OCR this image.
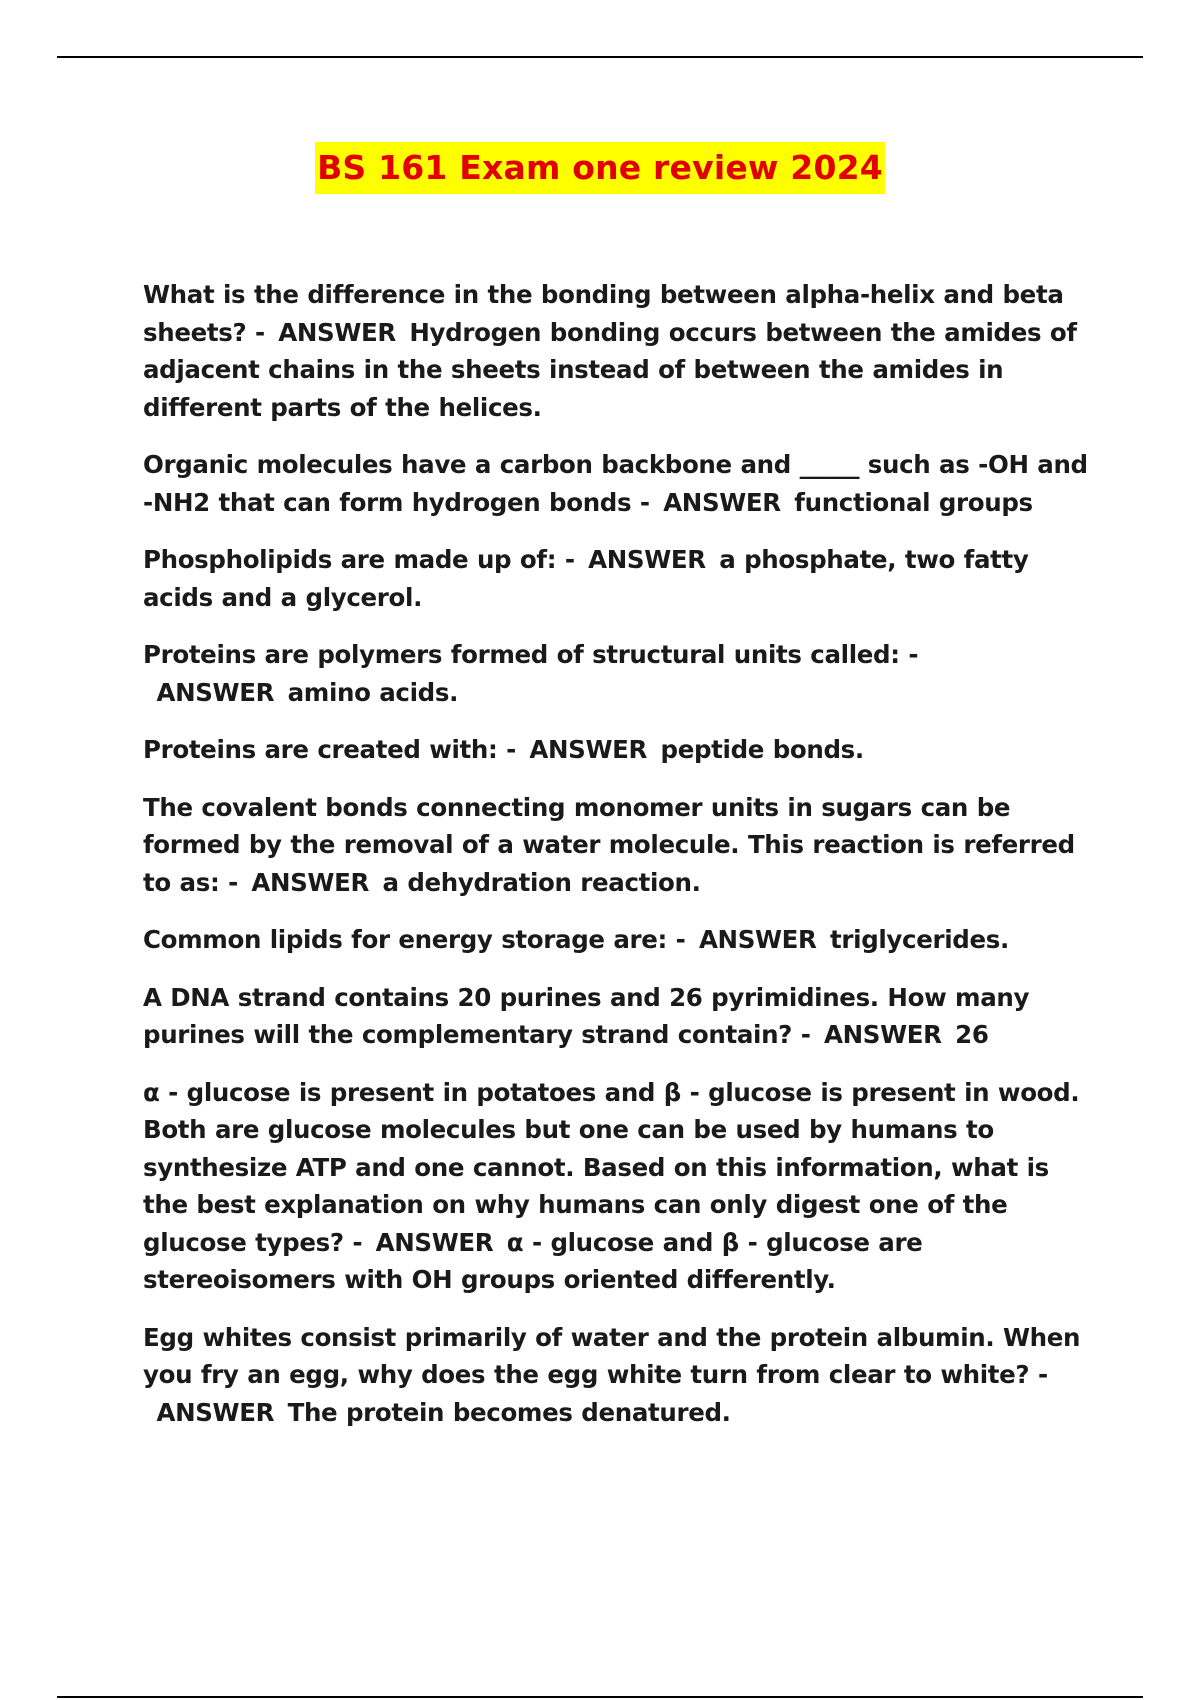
BS 161 Exam one review 2024
What is the difference in the bonding between alpha-helix and beta sheets? - ANSWER Hydrogen bonding occurs between the amides of adjacent chains in the sheets instead of between the amides in different parts of the helices.
Organic molecules have a carbon backbone and _____ such as -OH and -NH2 that can form hydrogen bonds - ANSWER functional groups
Phospholipids are made up of: - ANSWER a phosphate, two fatty acids and a glycerol.
Proteins are polymers formed of structural units called: -ANSWER amino acids.
Proteins are created with: - ANSWER peptide bonds.
The covalent bonds connecting monomer units in sugars can be formed by the removal of a water molecule. This reaction is referred to as: - ANSWER a dehydration reaction.
Common lipids for energy storage are: - ANSWER triglycerides.
A DNA strand contains 20 purines and 26 pyrimidines. How many purines will the complementary strand contain? - ANSWER 26
α - glucose is present in potatoes and β - glucose is present in wood. Both are glucose molecules but one can be used by humans to synthesize ATP and one cannot. Based on this information, what is the best explanation on why humans can only digest one of the glucose types? - ANSWER α - glucose and β - glucose are stereoisomers with OH groups oriented differently.
Egg whites consist primarily of water and the protein albumin. When you fry an egg, why does the egg white turn from clear to white? -ANSWER The protein becomes denatured.
